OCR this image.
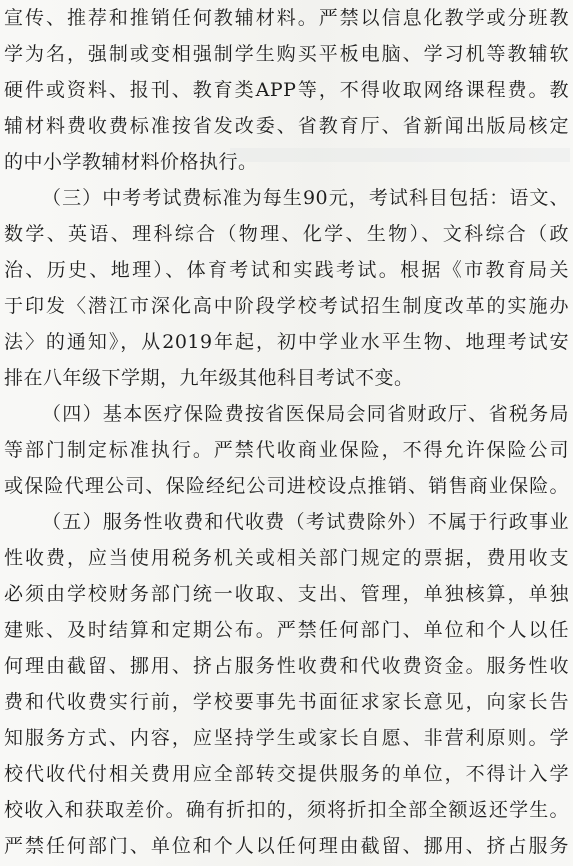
宣传、推荐和推销任何教辅材料。严禁以信息化教学或分班教
学为名，强制或变相强制学生购买平板电脑、学习机等教辅软
硬件或资料、报刊、教育类APP等，不得收取网络课程费。教
辅材料费收费标准按省发改委、省教育厅、省新闻出版局核定
的中小学教辅材料价格执行。
（三）中考考试费标准为每生90元，考试科目包括：语文、
数学、英语、理科综合（物理、化学、生物）、文科综合（政
治、历史、地理）、体育考试和实践考试。根据《市教育局关
于印发〈潜江市深化高中阶段学校考试招生制度改革的实施办
法〉的通知》，从2019年起，初中学业水平生物、地理考试安
排在八年级下学期，九年级其他科目考试不变。
（四）基本医疗保险费按省医保局会同省财政厅、省税务局
等部门制定标准执行。严禁代收商业保险，不得允许保险公司
或保险代理公司、保险经纪公司进校设点推销、销售商业保险。
（五）服务性收费和代收费（考试费除外）不属于行政事业
性收费，应当使用税务机关或相关部门规定的票据，费用收支
必须由学校财务部门统一收取、支出、管理，单独核算，单独
建账、及时结算和定期公布。严禁任何部门、单位和个人以任
何理由截留、挪用、挤占服务性收费和代收费资金。服务性收
费和代收费实行前，学校要事先书面征求家长意见，向家长告
知服务方式、内容，应坚持学生或家长自愿、非营利原则。学
校代收代付相关费用应全部转交提供服务的单位，不得计入学
校收入和获取差价。确有折扣的，须将折扣全部全额返还学生。
严禁任何部门、单位和个人以任何理由截留、挪用、挤占服务
